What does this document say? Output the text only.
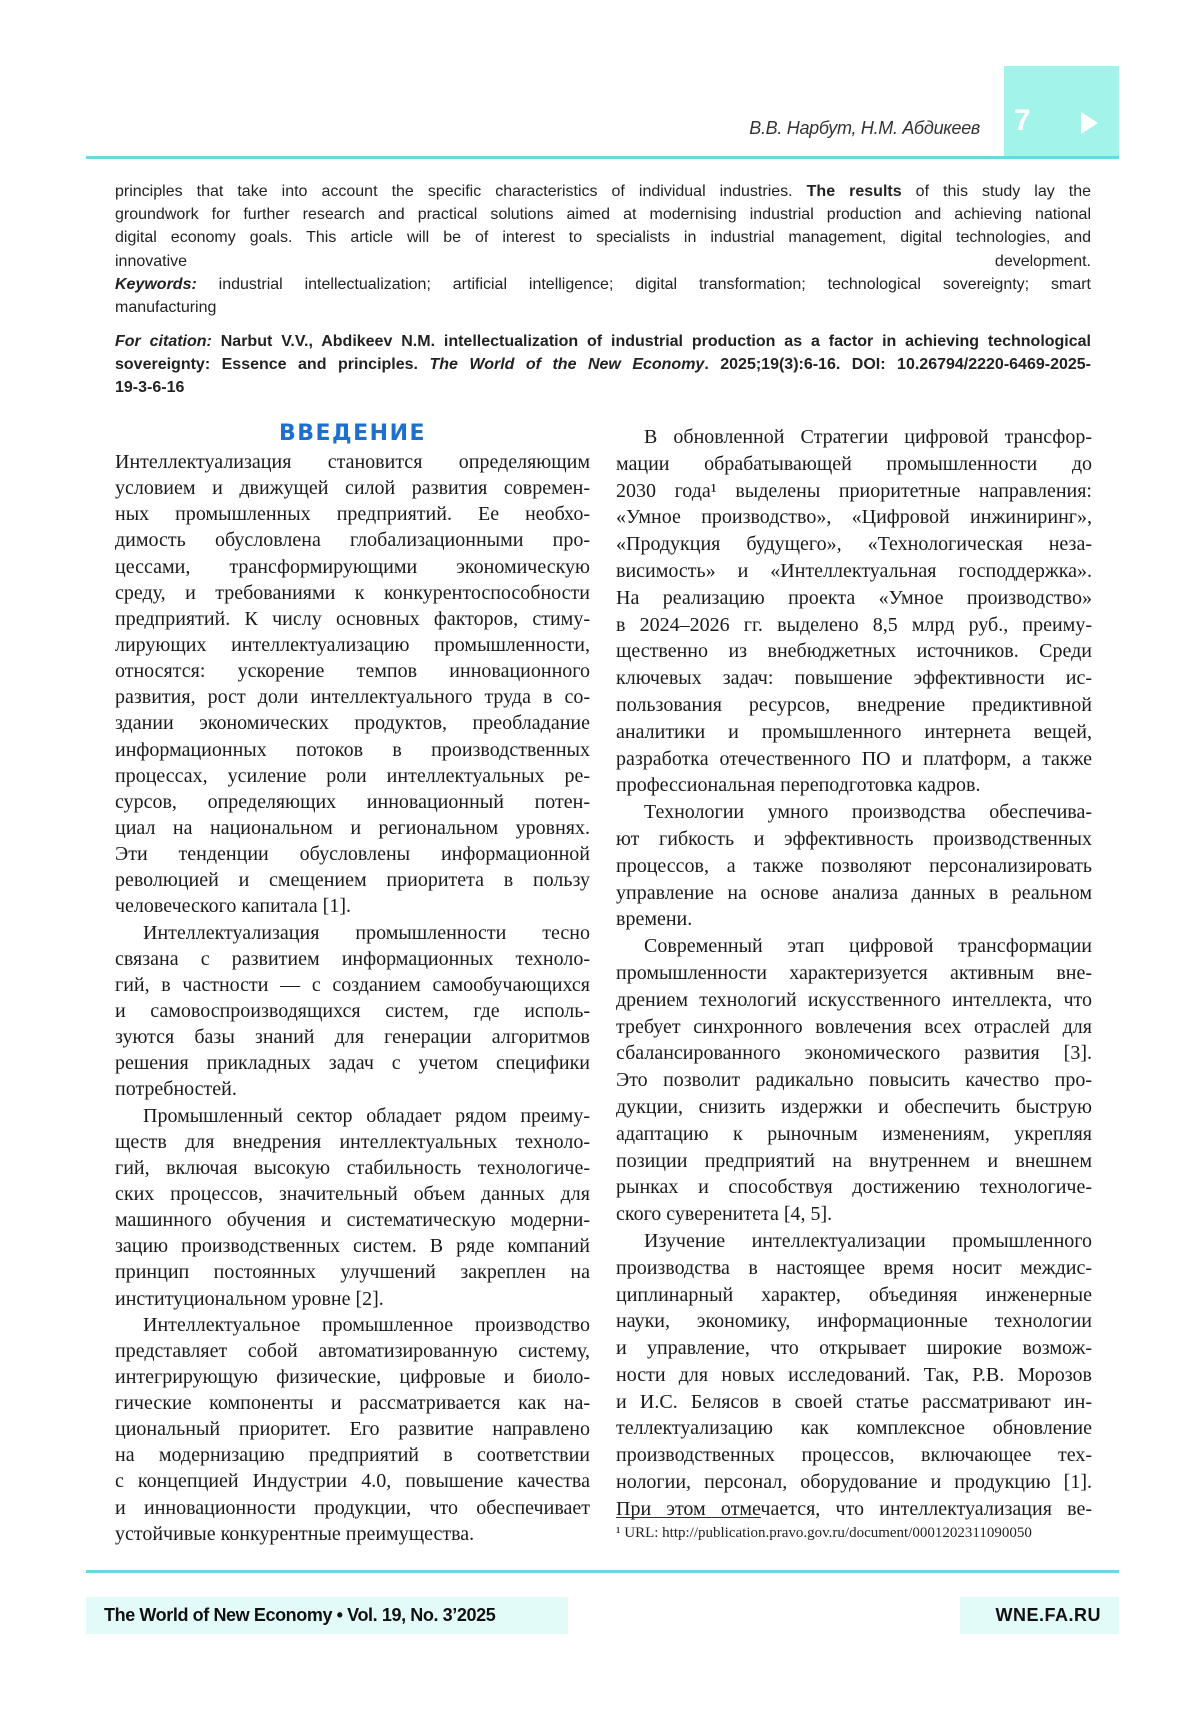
7
В.В. Нарбут, Н.М. Абдикеев
principles that take into account the specific characteristics of individual industries. The results of this study lay the
groundwork for further research and practical solutions aimed at modernising industrial production and achieving national
digital economy goals. This article will be of interest to specialists in industrial management, digital technologies, and
innovative development.
Keywords: industrial intellectualization; artificial intelligence; digital transformation; technological sovereignty; smart
manufacturing
For citation: Narbut V.V., Abdikeev N.M. intellectualization of industrial production as a factor in achieving technological
sovereignty: Essence and principles. The World of the New Economy. 2025;19(3):6-16. DOI: 10.26794/2220-6469-2025-
19-3-6-16
ВВЕДЕНИЕ
Интеллектуализация становится определяющим
условием и движущей силой развития современ-
ных промышленных предприятий. Ее необхо-
димость обусловлена глобализационными про-
цессами, трансформирующими экономическую
среду, и требованиями к конкурентоспособности
предприятий. К числу основных факторов, стиму-
лирующих интеллектуализацию промышленности,
относятся: ускорение темпов инновационного
развития, рост доли интеллектуального труда в со-
здании экономических продуктов, преобладание
информационных потоков в производственных
процессах, усиление роли интеллектуальных ре-
сурсов, определяющих инновационный потен-
циал на национальном и региональном уровнях.
Эти тенденции обусловлены информационной
революцией и смещением приоритета в пользу
человеческого капитала [1].
Интеллектуализация промышленности тесно
связана с развитием информационных техноло-
гий, в частности — с созданием самообучающихся
и самовоспроизводящихся систем, где исполь-
зуются базы знаний для генерации алгоритмов
решения прикладных задач с учетом специфики
потребностей.
Промышленный сектор обладает рядом преиму-
ществ для внедрения интеллектуальных техноло-
гий, включая высокую стабильность технологиче-
ских процессов, значительный объем данных для
машинного обучения и систематическую модерни-
зацию производственных систем. В ряде компаний
принцип постоянных улучшений закреплен на
институциональном уровне [2].
Интеллектуальное промышленное производство
представляет собой автоматизированную систему,
интегрирующую физические, цифровые и биоло-
гические компоненты и рассматривается как на-
циональный приоритет. Его развитие направлено
на модернизацию предприятий в соответствии
с концепцией Индустрии 4.0, повышение качества
и инновационности продукции, что обеспечивает
устойчивые конкурентные преимущества.
В обновленной Стратегии цифровой трансфор-
мации обрабатывающей промышленности до
2030 года¹ выделены приоритетные направления:
«Умное производство», «Цифровой инжиниринг»,
«Продукция будущего», «Технологическая неза-
висимость» и «Интеллектуальная господдержка».
На реализацию проекта «Умное производство»
в 2024–2026 гг. выделено 8,5 млрд руб., преиму-
щественно из внебюджетных источников. Среди
ключевых задач: повышение эффективности ис-
пользования ресурсов, внедрение предиктивной
аналитики и промышленного интернета вещей,
разработка отечественного ПО и платформ, а также
профессиональная переподготовка кадров.
Технологии умного производства обеспечива-
ют гибкость и эффективность производственных
процессов, а также позволяют персонализировать
управление на основе анализа данных в реальном
времени.
Современный этап цифровой трансформации
промышленности характеризуется активным вне-
дрением технологий искусственного интеллекта, что
требует синхронного вовлечения всех отраслей для
сбалансированного экономического развития [3].
Это позволит радикально повысить качество про-
дукции, снизить издержки и обеспечить быструю
адаптацию к рыночным изменениям, укрепляя
позиции предприятий на внутреннем и внешнем
рынках и способствуя достижению технологиче-
ского суверенитета [4, 5].
Изучение интеллектуализации промышленного
производства в настоящее время носит междис-
циплинарный характер, объединяя инженерные
науки, экономику, информационные технологии
и управление, что открывает широкие возмож-
ности для новых исследований. Так, Р.В. Морозов
и И.С. Белясов в своей статье рассматривают ин-
теллектуализацию как комплексное обновление
производственных процессов, включающее тех-
нологии, персонал, оборудование и продукцию [1].
При этом отмечается, что интеллектуализация ве-
¹ URL: http://publication.pravo.gov.ru/document/0001202311090050
The World of New Economy • Vol. 19, No. 3’2025	WNE.FA.RU
